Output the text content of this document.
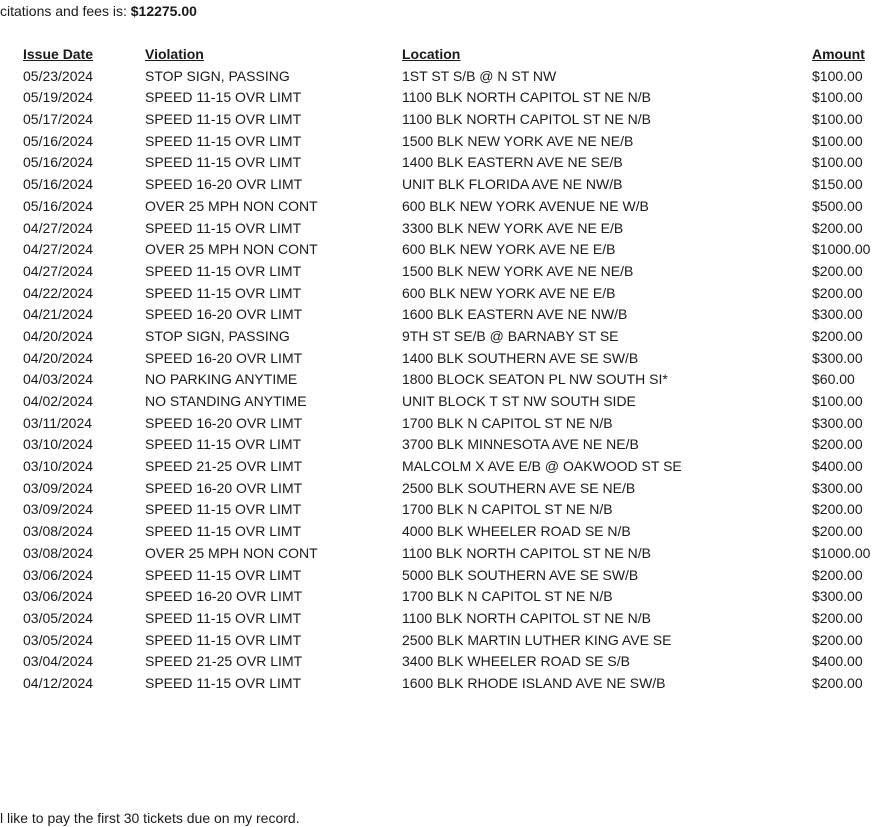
citations and fees is: $12275.00
Issue Date	Violation	Location	Amount
05/23/2024	STOP SIGN, PASSING	1ST ST S/B @ N ST NW	$100.00
05/19/2024	SPEED 11-15 OVR LIMT	1100 BLK NORTH CAPITOL ST NE N/B	$100.00
05/17/2024	SPEED 11-15 OVR LIMT	1100 BLK NORTH CAPITOL ST NE N/B	$100.00
05/16/2024	SPEED 11-15 OVR LIMT	1500 BLK NEW YORK AVE NE NE/B	$100.00
05/16/2024	SPEED 11-15 OVR LIMT	1400 BLK EASTERN AVE NE SE/B	$100.00
05/16/2024	SPEED 16-20 OVR LIMT	UNIT BLK FLORIDA AVE NE NW/B	$150.00
05/16/2024	OVER 25 MPH NON CONT	600 BLK NEW YORK AVENUE NE W/B	$500.00
04/27/2024	SPEED 11-15 OVR LIMT	3300 BLK NEW YORK AVE NE E/B	$200.00
04/27/2024	OVER 25 MPH NON CONT	600 BLK NEW YORK AVE NE E/B	$1000.00
04/27/2024	SPEED 11-15 OVR LIMT	1500 BLK NEW YORK AVE NE NE/B	$200.00
04/22/2024	SPEED 11-15 OVR LIMT	600 BLK NEW YORK AVE NE E/B	$200.00
04/21/2024	SPEED 16-20 OVR LIMT	1600 BLK EASTERN AVE NE NW/B	$300.00
04/20/2024	STOP SIGN, PASSING	9TH ST SE/B @ BARNABY ST SE	$200.00
04/20/2024	SPEED 16-20 OVR LIMT	1400 BLK SOUTHERN AVE SE SW/B	$300.00
04/03/2024	NO PARKING ANYTIME	1800 BLOCK SEATON PL NW SOUTH SI*	$60.00
04/02/2024	NO STANDING ANYTIME	UNIT BLOCK T ST NW SOUTH SIDE	$100.00
03/11/2024	SPEED 16-20 OVR LIMT	1700 BLK N CAPITOL ST NE N/B	$300.00
03/10/2024	SPEED 11-15 OVR LIMT	3700 BLK MINNESOTA AVE NE NE/B	$200.00
03/10/2024	SPEED 21-25 OVR LIMT	MALCOLM X AVE E/B @ OAKWOOD ST SE	$400.00
03/09/2024	SPEED 16-20 OVR LIMT	2500 BLK SOUTHERN AVE SE NE/B	$300.00
03/09/2024	SPEED 11-15 OVR LIMT	1700 BLK N CAPITOL ST NE N/B	$200.00
03/08/2024	SPEED 11-15 OVR LIMT	4000 BLK WHEELER ROAD SE N/B	$200.00
03/08/2024	OVER 25 MPH NON CONT	1100 BLK NORTH CAPITOL ST NE N/B	$1000.00
03/06/2024	SPEED 11-15 OVR LIMT	5000 BLK SOUTHERN AVE SE SW/B	$200.00
03/06/2024	SPEED 16-20 OVR LIMT	1700 BLK N CAPITOL ST NE N/B	$300.00
03/05/2024	SPEED 11-15 OVR LIMT	1100 BLK NORTH CAPITOL ST NE N/B	$200.00
03/05/2024	SPEED 11-15 OVR LIMT	2500 BLK MARTIN LUTHER KING AVE SE	$200.00
03/04/2024	SPEED 21-25 OVR LIMT	3400 BLK WHEELER ROAD SE S/B	$400.00
04/12/2024	SPEED 11-15 OVR LIMT	1600 BLK RHODE ISLAND AVE NE SW/B	$200.00
l like to pay the first 30 tickets due on my record.
